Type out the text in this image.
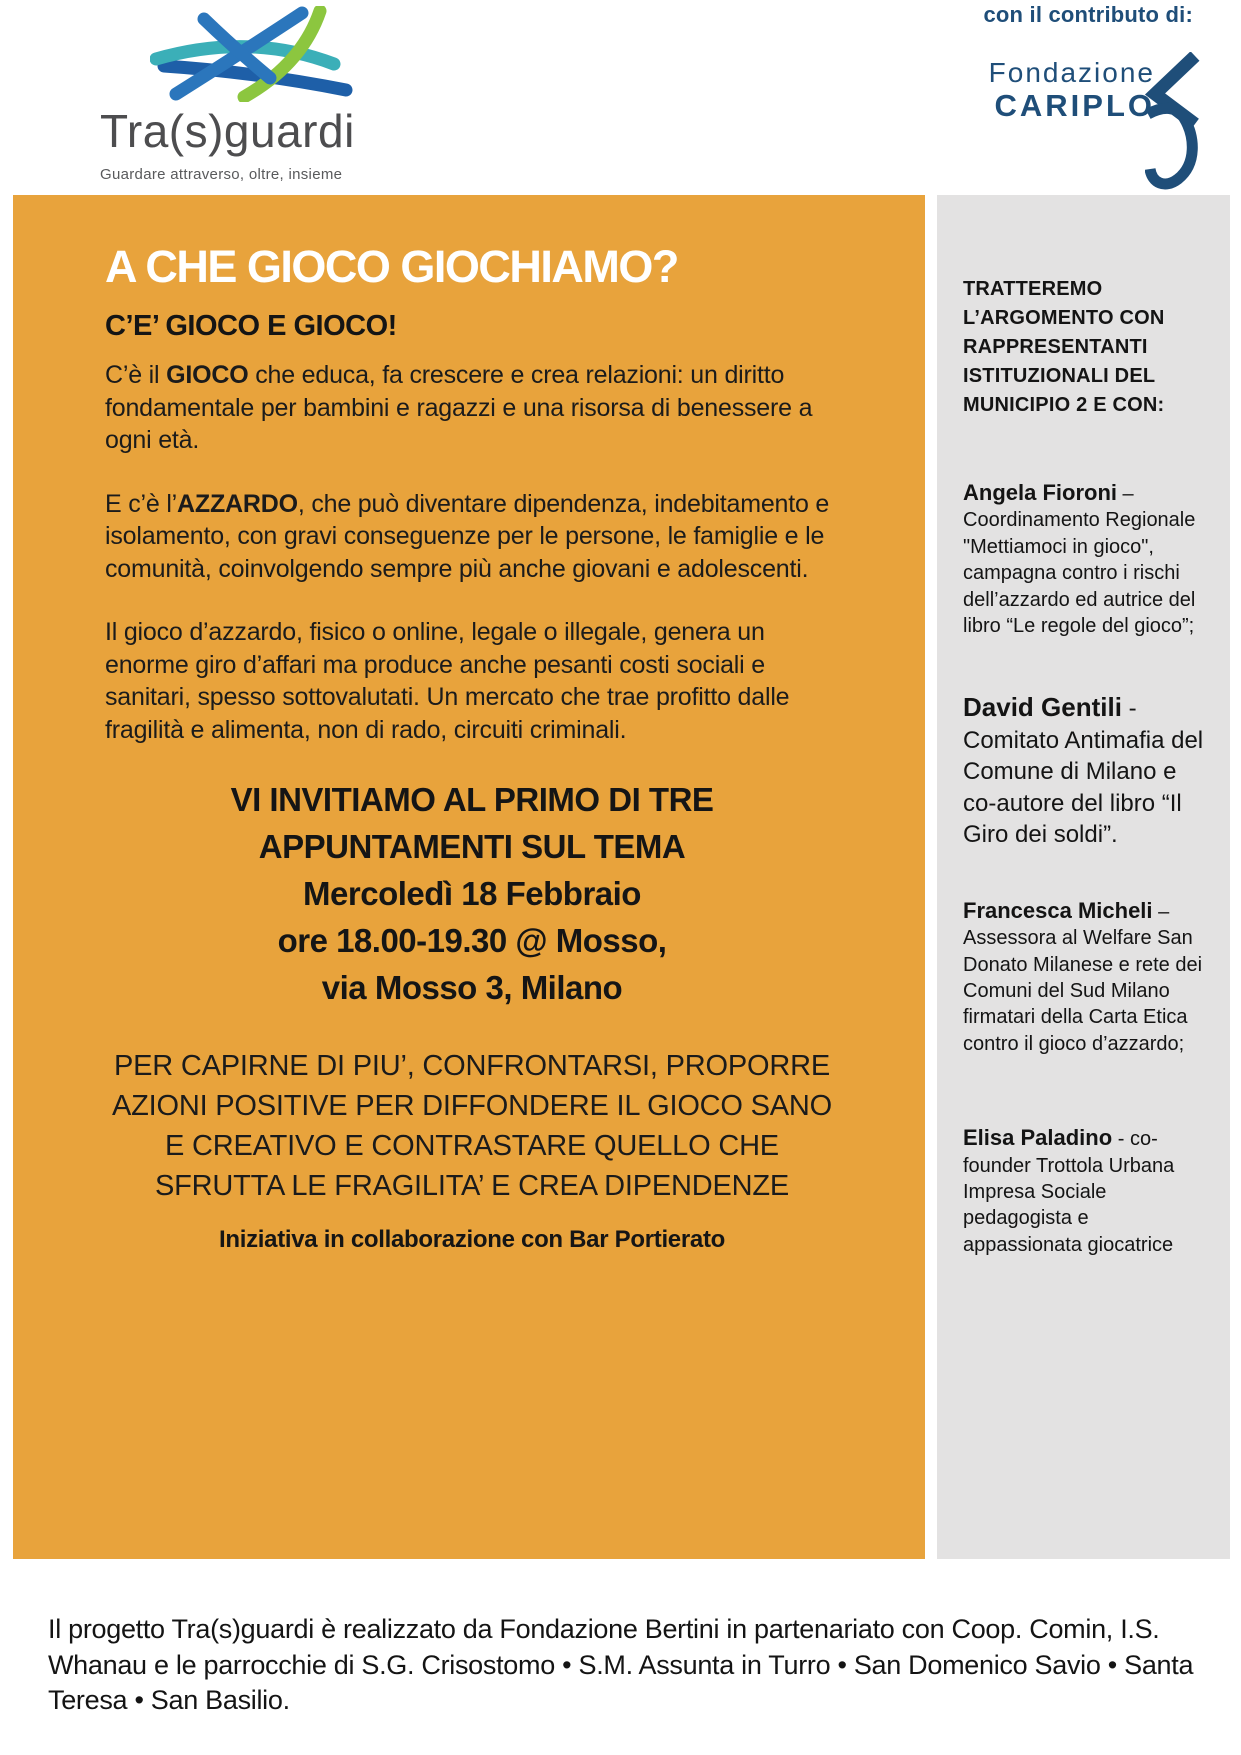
Tra(s)guardi
Guardare attraverso, oltre, insieme
con il contributo di:
Fondazione
CARIPLO
A CHE GIOCO GIOCHIAMO?
C’E’ GIOCO E GIOCO!

C’è il GIOCO che educa, fa crescere e crea relazioni: un diritto fondamentale per bambini e ragazzi e una risorsa di benessere a ogni età.

E c’è l’AZZARDO, che può diventare dipendenza, indebitamento e isolamento, con gravi conseguenze per le persone, le famiglie e le comunità, coinvolgendo sempre più anche giovani e adolescenti.

Il gioco d’azzardo, fisico o online, legale o illegale, genera un enorme giro d’affari ma produce anche pesanti costi sociali e sanitari, spesso sottovalutati. Un mercato che trae profitto dalle fragilità e alimenta, non di rado, circuiti criminali.

VI INVITIAMO AL PRIMO DI TRE
APPUNTAMENTI SUL TEMA
Mercoledì 18 Febbraio
ore 18.00-19.30 @ Mosso,
via Mosso 3, Milano
PER CAPIRNE DI PIU’, CONFRONTARSI, PROPORRE AZIONI POSITIVE PER DIFFONDERE IL GIOCO SANO E CREATIVO E CONTRASTARE QUELLO CHE SFRUTTA LE FRAGILITA’ E CREA DIPENDENZE
Iniziativa in collaborazione con Bar Portierato
TRATTEREMO L’ARGOMENTO CON RAPPRESENTANTI ISTITUZIONALI DEL MUNICIPIO 2 E CON:

Angela Fioroni – Coordinamento Regionale "Mettiamoci in gioco", campagna contro i rischi dell’azzardo ed autrice del libro “Le regole del gioco”;

David Gentili - Comitato Antimafia del Comune di Milano e co-autore del libro “Il Giro dei soldi”.

Francesca Micheli – Assessora al Welfare San Donato Milanese e rete dei Comuni del Sud Milano firmatari della Carta Etica contro il gioco d’azzardo;

Elisa Paladino - co-founder Trottola Urbana Impresa Sociale pedagogista e appassionata giocatrice

Il progetto Tra(s)guardi è realizzato da Fondazione Bertini in partenariato con Coop. Comin, I.S. Whanau e le parrocchie di S.G. Crisostomo • S.M. Assunta in Turro • San Domenico Savio • Santa Teresa • San Basilio.
